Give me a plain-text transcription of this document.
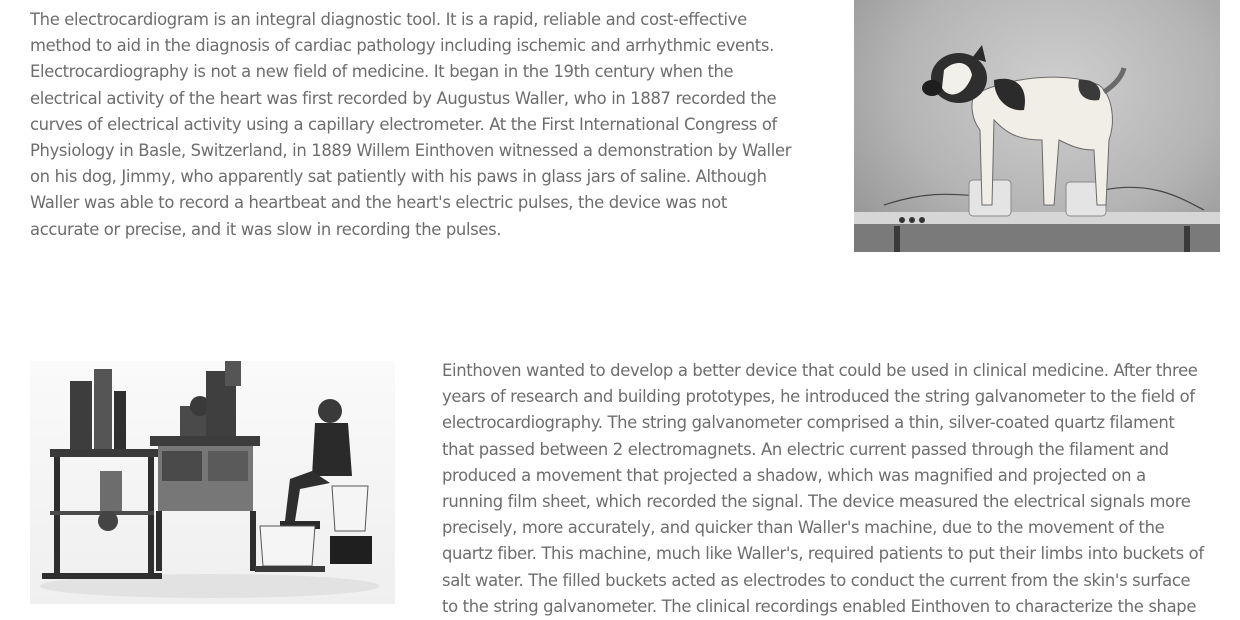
The electrocardiogram is an integral diagnostic tool. It is a rapid, reliable and cost-effective
method to aid in the diagnosis of cardiac pathology including ischemic and arrhythmic events.
Electrocardiography is not a new field of medicine. It began in the 19th century when the
electrical activity of the heart was first recorded by Augustus Waller, who in 1887 recorded the
curves of electrical activity using a capillary electrometer. At the First International Congress of
Physiology in Basle, Switzerland, in 1889 Willem Einthoven witnessed a demonstration by Waller
on his dog, Jimmy, who apparently sat patiently with his paws in glass jars of saline. Although
Waller was able to record a heartbeat and the heart's electric pulses, the device was not
accurate or precise, and it was slow in recording the pulses.

Einthoven wanted to develop a better device that could be used in clinical medicine. After three
years of research and building prototypes, he introduced the string galvanometer to the field of
electrocardiography. The string galvanometer comprised a thin, silver-coated quartz filament
that passed between 2 electromagnets. An electric current passed through the filament and
produced a movement that projected a shadow, which was magnified and projected on a
running film sheet, which recorded the signal. The device measured the electrical signals more
precisely, more accurately, and quicker than Waller's machine, due to the movement of the
quartz fiber. This machine, much like Waller's, required patients to put their limbs into buckets of
salt water. The filled buckets acted as electrodes to conduct the current from the skin's surface
to the string galvanometer. The clinical recordings enabled Einthoven to characterize the shape
